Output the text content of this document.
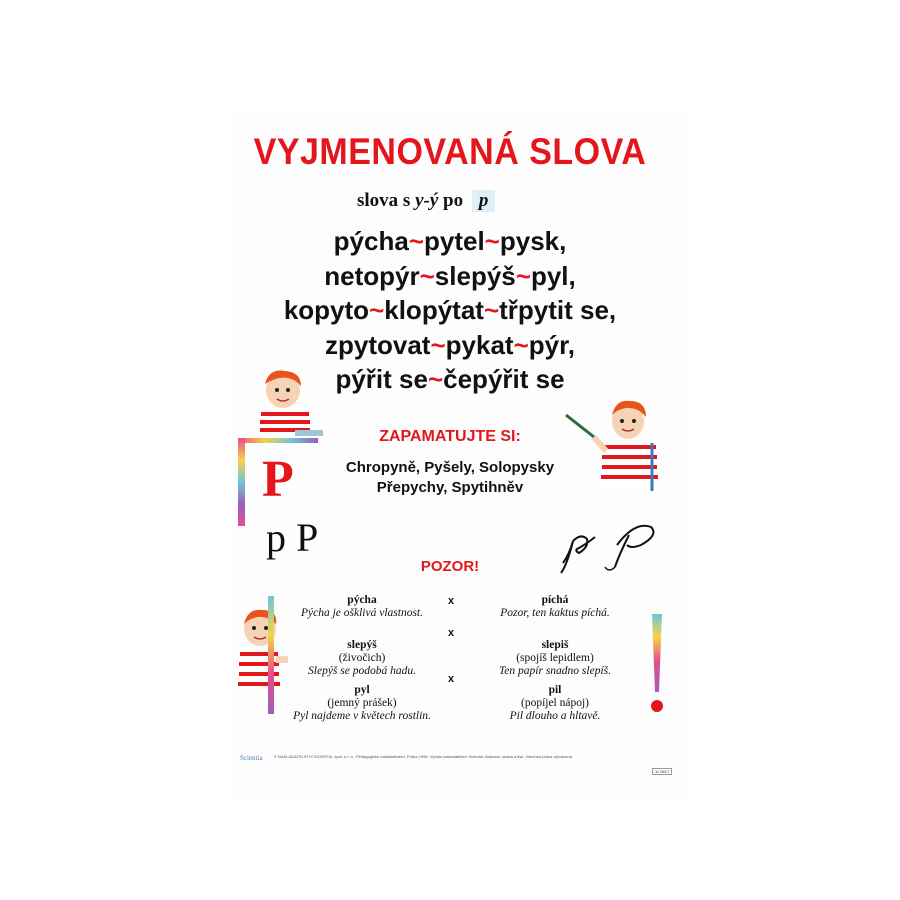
VYJMENOVANÁ SLOVA
slova s y-ý po p
pýcha~pytel~pysk,
netopýr~slepýš~pyl,
kopyto~klopýtat~třpytit se,
zpytovat~pykat~pýr,
pýřit se~čepýřit se
ZAPAMATUJTE SI:
Chropyně, Pyšely, Solopysky
Přepychy, Spytihněv
P
p P
POZOR!
pýcha
Pýcha je ošklivá vlastnost.
slepýš
(živočich)
Slepýš se podobá hadu.
pyl
(jemný prášek)
Pyl najdeme v květech rostlin.
x
x
x
píchá
Pozor, ten kaktus píchá.
slepiš
(spojíš lepidlem)
Ten papír snadno slepíš.
pil
(popíjel nápoj)
Pil dlouho a hltavě.
Scientia	© NAKLADATELSTVÍ SCIENTIA, spol. s r. o., Pědagogické nakladatelství, Praha 1998. Vydalo nakladatelství Scientia, ilustrace, sazba a tisk. Všechna práva vyhrazena.
11 0617
